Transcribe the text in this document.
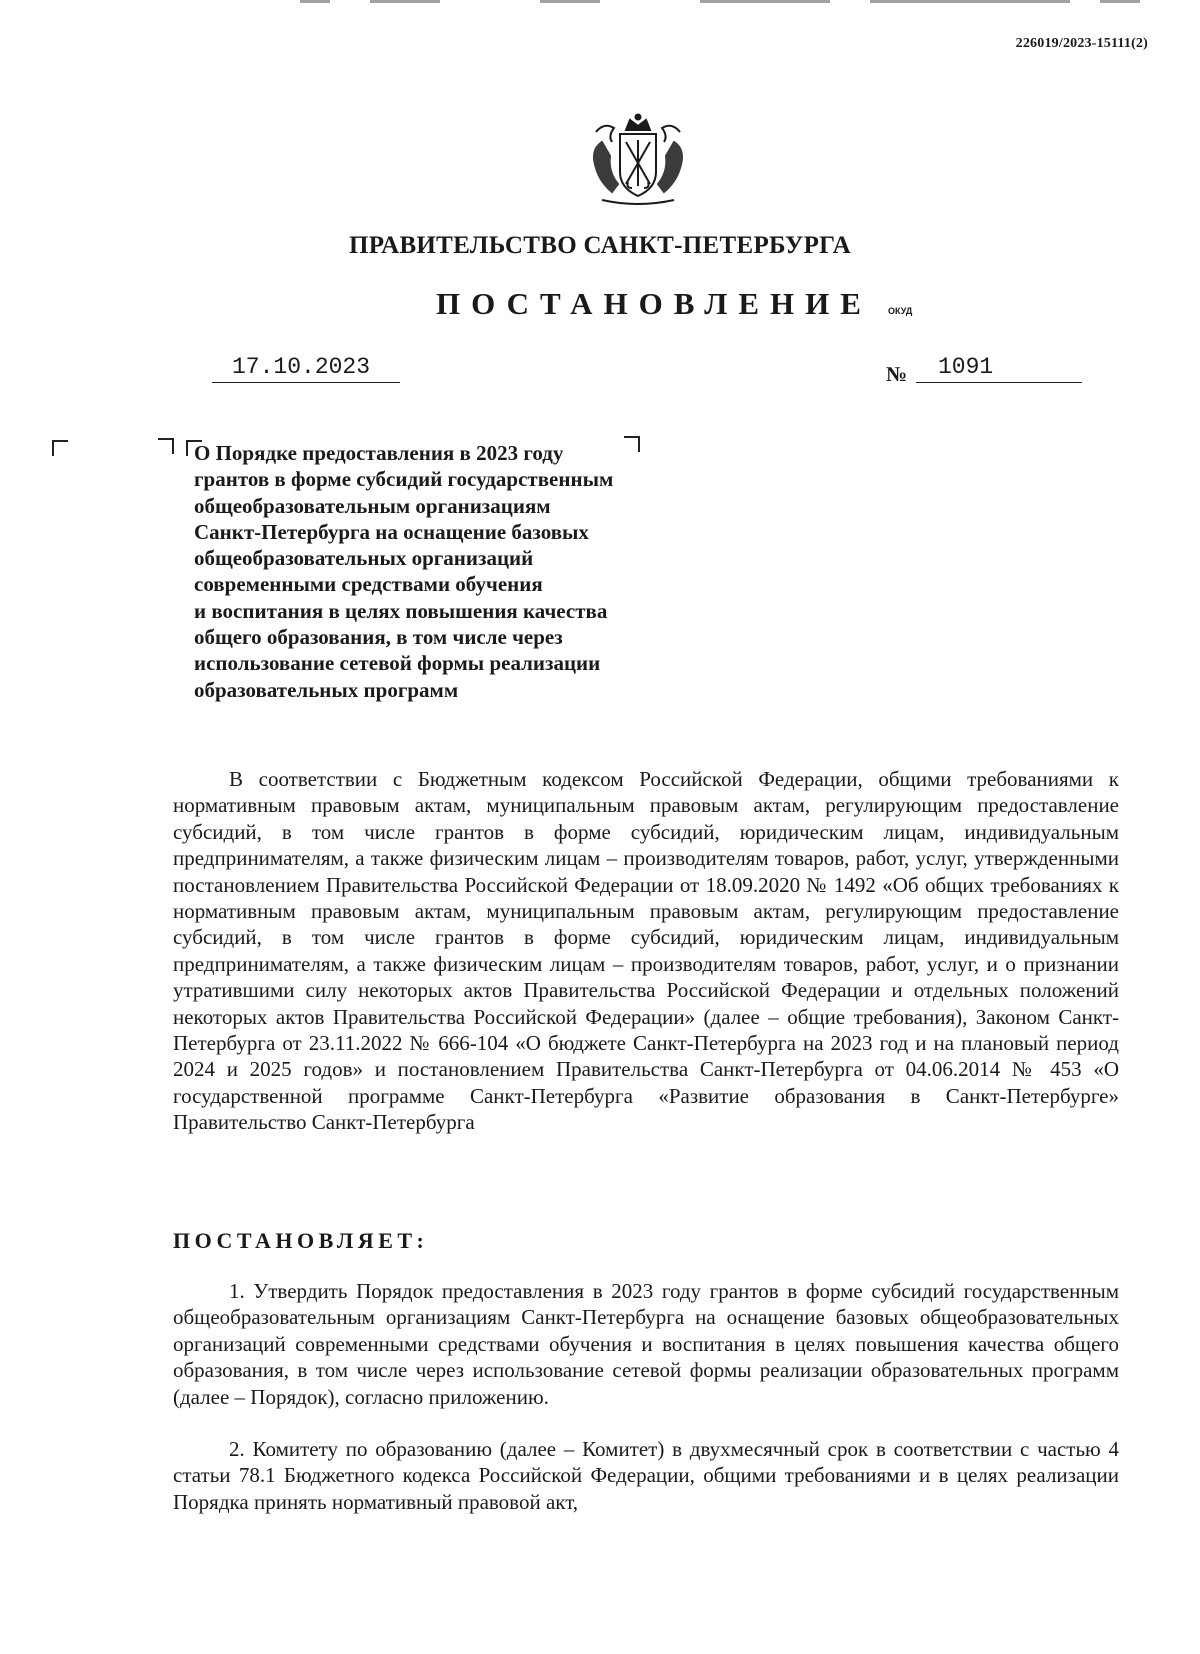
226019/2023-15111(2)
ПРАВИТЕЛЬСТВО САНКТ-ПЕТЕРБУРГА
ПОСТАНОВЛЕНИЕ ОКУД
17.10.2023	№	1091
О Порядке предоставления в 2023 году
грантов в форме субсидий государственным
общеобразовательным организациям
Санкт-Петербурга на оснащение базовых
общеобразовательных организаций
современными средствами обучения
и воспитания в целях повышения качества
общего образования, в том числе через
использование сетевой формы реализации
образовательных программ
В соответствии с Бюджетным кодексом Российской Федерации, общими требованиями к нормативным правовым актам, муниципальным правовым актам, регулирующим предоставление субсидий, в том числе грантов в форме субсидий, юридическим лицам, индивидуальным предпринимателям, а также физическим лицам – производителям товаров, работ, услуг, утвержденными постановлением Правительства Российской Федерации от 18.09.2020 № 1492 «Об общих требованиях к нормативным правовым актам, муниципальным правовым актам, регулирующим предоставление субсидий, в том числе грантов в форме субсидий, юридическим лицам, индивидуальным предпринимателям, а также физическим лицам – производителям товаров, работ, услуг, и о признании утратившими силу некоторых актов Правительства Российской Федерации и отдельных положений некоторых актов Правительства Российской Федерации» (далее – общие требования), Законом Санкт-Петербурга от 23.11.2022 № 666-104 «О бюджете Санкт-Петербурга на 2023 год и на плановый период 2024 и 2025 годов» и постановлением Правительства Санкт-Петербурга от 04.06.2014 № 453 «О государственной программе Санкт-Петербурга «Развитие образования в Санкт-Петербурге» Правительство Санкт-Петербурга
ПОСТАНОВЛЯЕТ:
1. Утвердить Порядок предоставления в 2023 году грантов в форме субсидий государственным общеобразовательным организациям Санкт-Петербурга на оснащение базовых общеобразовательных организаций современными средствами обучения и воспитания в целях повышения качества общего образования, в том числе через использование сетевой формы реализации образовательных программ (далее – Порядок), согласно приложению.
2. Комитету по образованию (далее – Комитет) в двухмесячный срок в соответствии с частью 4 статьи 78.1 Бюджетного кодекса Российской Федерации, общими требованиями и в целях реализации Порядка принять нормативный правовой акт,
